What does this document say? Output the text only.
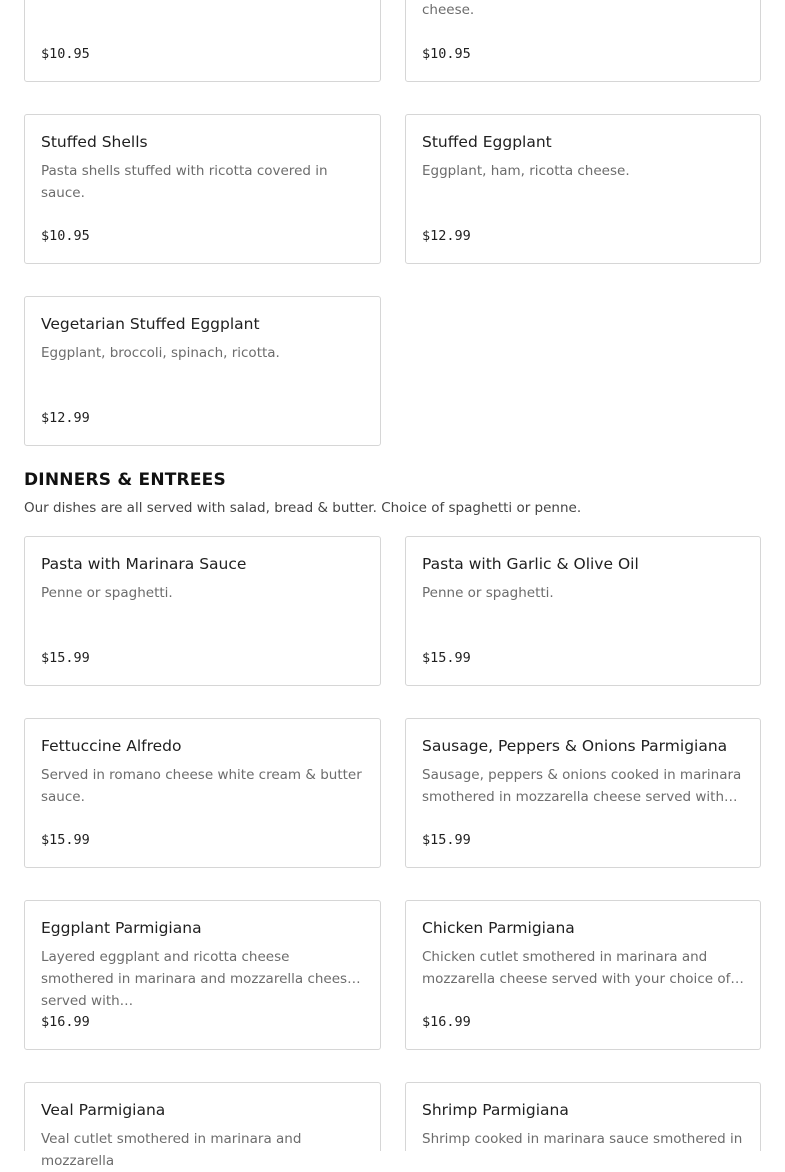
$10.95
cheese.
$10.95
Stuffed Shells
Pasta shells stuffed with ricotta covered in sauce.
$10.95
Stuffed Eggplant
Eggplant, ham, ricotta cheese.
$12.99
Vegetarian Stuffed Eggplant
Eggplant, broccoli, spinach, ricotta.
$12.99
DINNERS & ENTREES
Our dishes are all served with salad, bread & butter. Choice of spaghetti or penne.
Pasta with Marinara Sauce
Penne or spaghetti.
$15.99
Pasta with Garlic & Olive Oil
Penne or spaghetti.
$15.99
Fettuccine Alfredo
Served in romano cheese white cream & butter sauce.
$15.99
Sausage, Peppers & Onions Parmigiana
Sausage, peppers & onions cooked in marinara smothered in mozzarella cheese served with…
$15.99
Eggplant Parmigiana
Layered eggplant and ricotta cheese smothered in marinara and mozzarella cheese served with…
$16.99
Chicken Parmigiana
Chicken cutlet smothered in marinara and mozzarella cheese served with your choice of…
$16.99
Veal Parmigiana
Veal cutlet smothered in marinara and mozzarella
Shrimp Parmigiana
Shrimp cooked in marinara sauce smothered in
